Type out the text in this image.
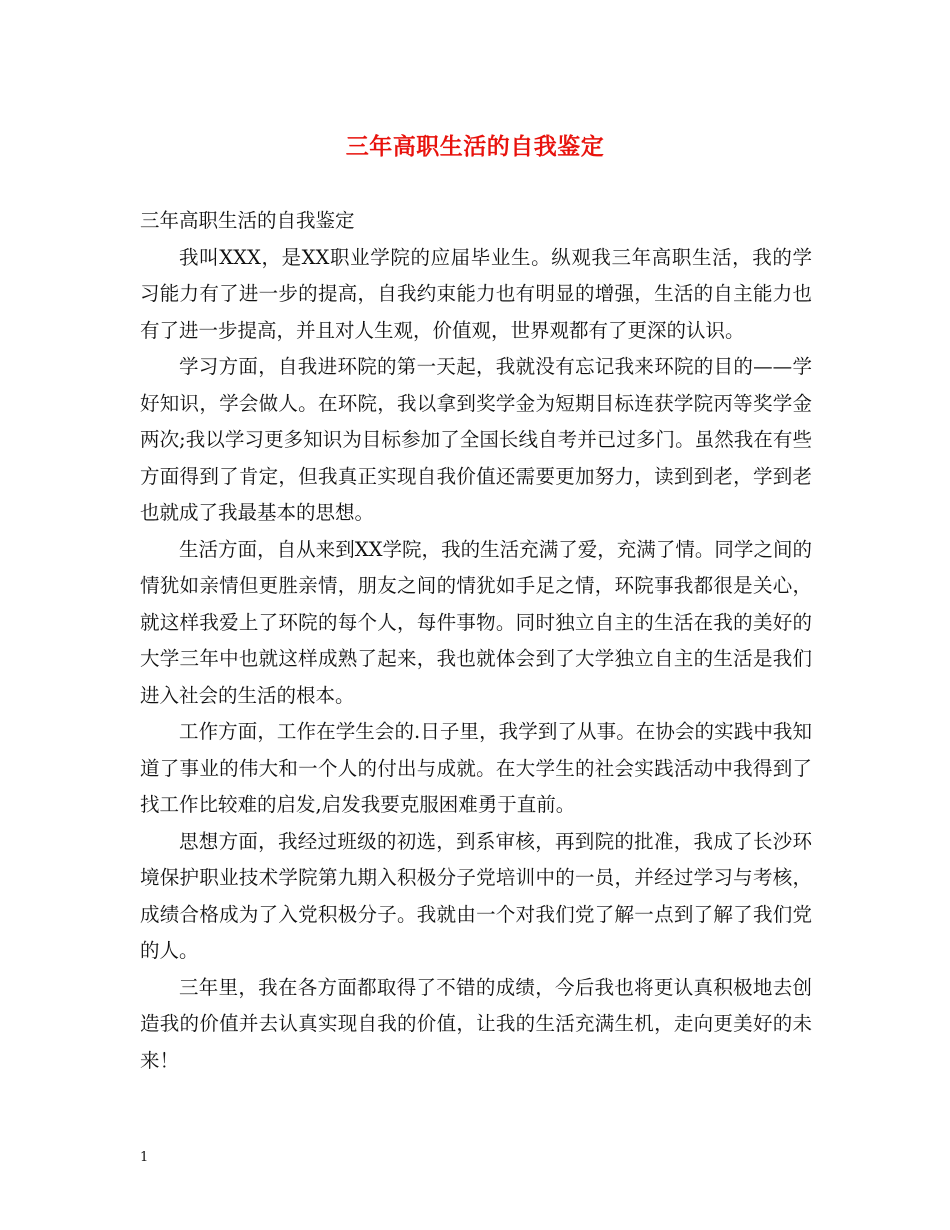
三年高职生活的自我鉴定

三年高职生活的自我鉴定

我叫XXX，是XX职业学院的应届毕业生。纵观我三年高职生活，我的学习能力有了进一步的提高，自我约束能力也有明显的增强，生活的自主能力也有了进一步提高，并且对人生观，价值观，世界观都有了更深的认识。

学习方面，自我进环院的第一天起，我就没有忘记我来环院的目的——学好知识，学会做人。在环院，我以拿到奖学金为短期目标连获学院丙等奖学金两次;我以学习更多知识为目标参加了全国长线自考并已过多门。虽然我在有些方面得到了肯定，但我真正实现自我价值还需要更加努力，读到到老，学到老也就成了我最基本的思想。

生活方面，自从来到XX学院，我的生活充满了爱，充满了情。同学之间的情犹如亲情但更胜亲情，朋友之间的情犹如手足之情，环院事我都很是关心，就这样我爱上了环院的每个人，每件事物。同时独立自主的生活在我的美好的大学三年中也就这样成熟了起来，我也就体会到了大学独立自主的生活是我们进入社会的生活的根本。

工作方面，工作在学生会的.日子里，我学到了从事。在协会的实践中我知道了事业的伟大和一个人的付出与成就。在大学生的社会实践活动中我得到了找工作比较难的启发,启发我要克服困难勇于直前。

思想方面，我经过班级的初选，到系审核，再到院的批准，我成了长沙环境保护职业技术学院第九期入积极分子党培训中的一员，并经过学习与考核，成绩合格成为了入党积极分子。我就由一个对我们党了解一点到了解了我们党的人。

三年里，我在各方面都取得了不错的成绩，今后我也将更认真积极地去创造我的价值并去认真实现自我的价值，让我的生活充满生机，走向更美好的未来！

1
